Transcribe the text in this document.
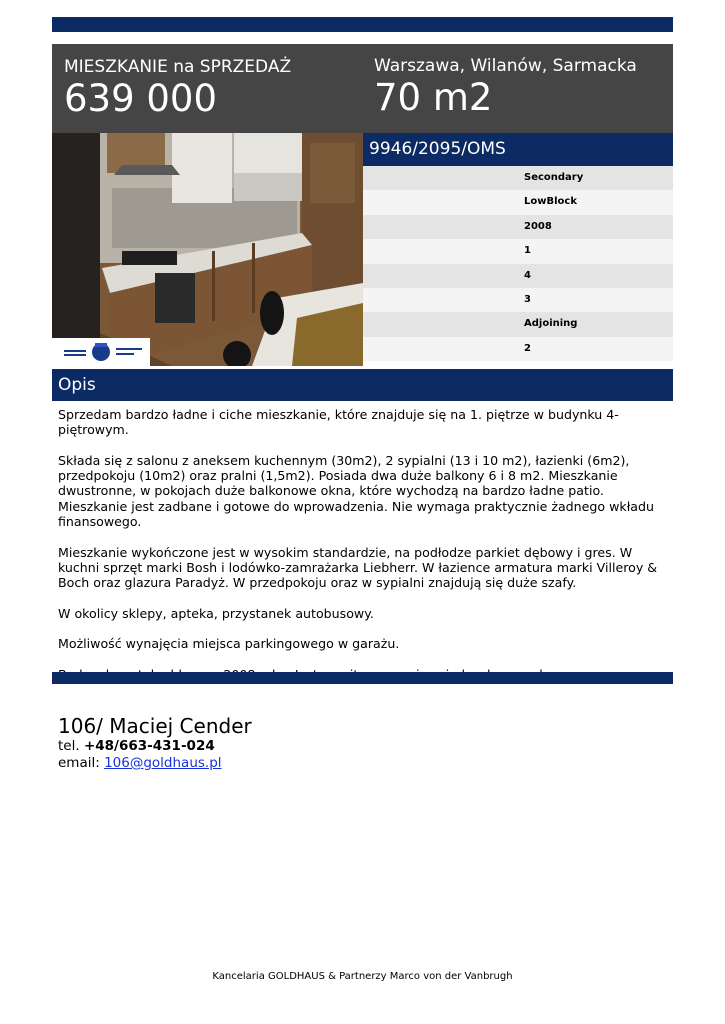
MIESZKANIE na SPRZEDAŻ
639 000
Warszawa, Wilanów, Sarmacka
70 m2
9946/2095/OMS
Secondary
LowBlock
2008
1
4
3
Adjoining
2
Opis

Sprzedam bardzo ładne i ciche mieszkanie, które znajduje się na 1. piętrze w budynku 4-piętrowym.

Składa się z salonu z aneksem kuchennym (30m2), 2 sypialni (13 i 10 m2), łazienki (6m2), przedpokoju (10m2) oraz pralni (1,5m2). Posiada dwa duże balkony 6 i 8 m2. Mieszkanie dwustronne, w pokojach duże balkonowe okna, które wychodzą na bardzo ładne patio. Mieszkanie jest zadbane i gotowe do wprowadzenia. Nie wymaga praktycznie żadnego wkładu finansowego.

Mieszkanie wykończone jest w wysokim standardzie, na podłodze parkiet dębowy i gres. W kuchni sprzęt marki Bosh i lodówko-zamrażarka Liebherr. W łazience armatura marki Villeroy & Boch oraz glazura Paradyż. W przedpokoju oraz w sypialni znajdują się duże szafy.

W okolicy sklepy, apteka, przystanek autobusowy.

Możliwość wynajęcia miejsca parkingowego w garażu.

106/ Maciej Cender
tel. +48/663-431-024
email: 106@goldhaus.pl
Kancelaria GOLDHAUS & Partnerzy Marco von der Vanbrugh
